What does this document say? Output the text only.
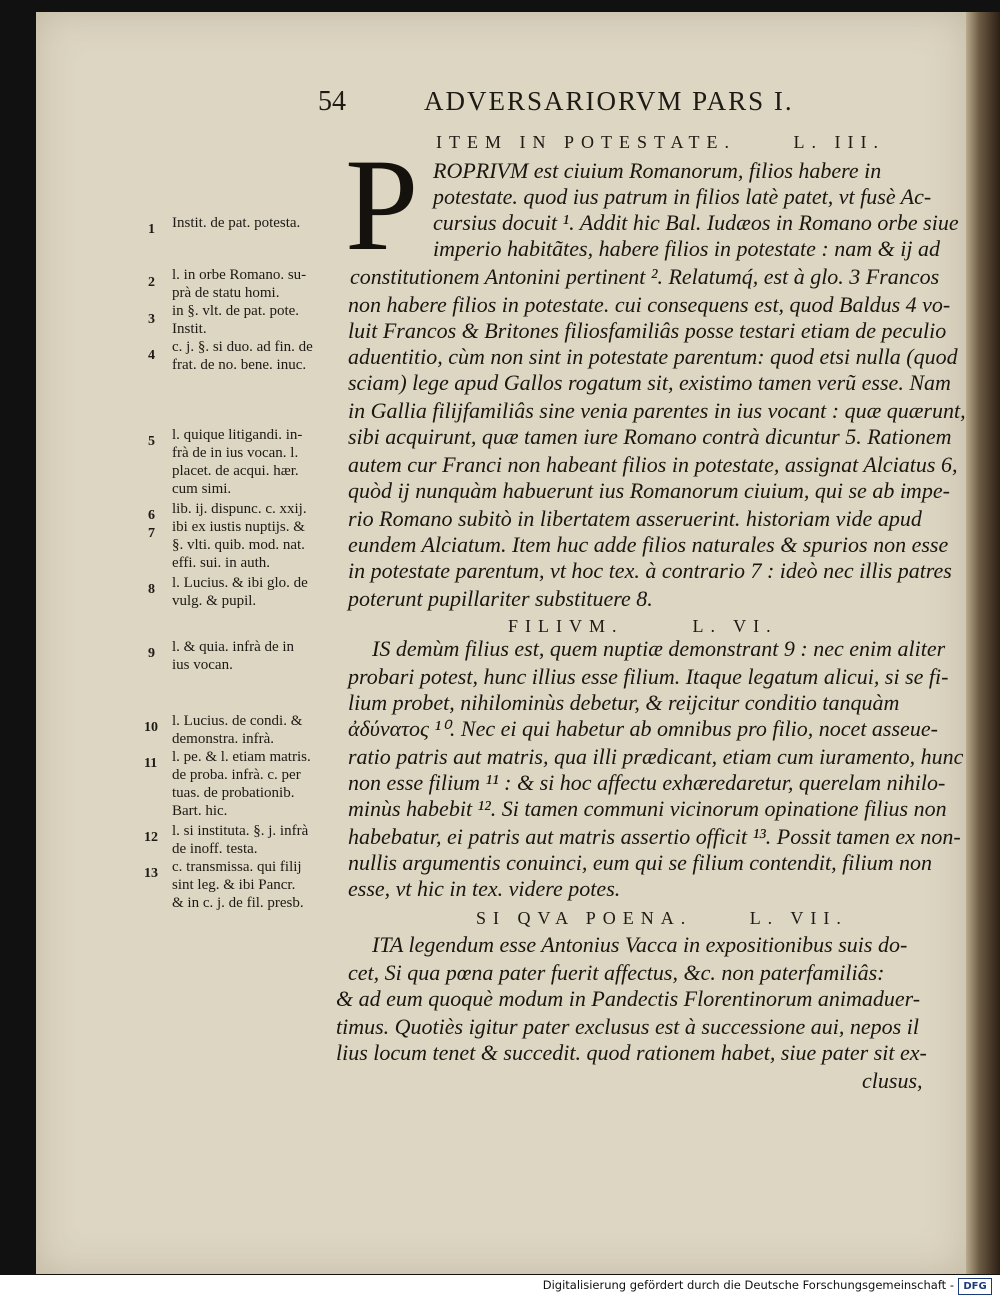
54	ADVERSARIORVM PARS I.
ITEM IN POTESTATE.     L. III.
P ROPRIVM est ciuium Romanorum, filios habere in
potestate. quod ius patrum in filios latè patet, vt fusè Ac-
cursius docuit ¹. Addit hic Bal. Iudæos in Romano orbe siue
imperio habitãtes, habere filios in potestate : nam & ij ad
constitutionem Antonini pertinent ². Relatumq́, est à glo. 3 Francos
non habere filios in potestate. cui consequens est, quod Baldus 4 vo-
luit Francos & Britones filiosfamiliâs posse testari etiam de peculio
aduentitio, cùm non sint in potestate parentum: quod etsi nulla (quod
sciam) lege apud Gallos rogatum sit, existimo tamen verũ esse. Nam
in Gallia filijfamiliâs sine venia parentes in ius vocant : quæ quærunt,
sibi acquirunt, quæ tamen iure Romano contrà dicuntur 5. Rationem
autem cur Franci non habeant filios in potestate, assignat Alciatus 6,
quòd ij nunquàm habuerunt ius Romanorum ciuium, qui se ab impe-
rio Romano subitò in libertatem asseruerint. historiam vide apud
eundem Alciatum. Item huc adde filios naturales & spurios non esse
in potestate parentum, vt hoc tex. à contrario 7 : ideò nec illis patres
poterunt pupillariter substituere 8.
FILIVM.      L. VI.
IS demùm filius est, quem nuptiæ demonstrant 9 : nec enim aliter
probari potest, hunc illius esse filium. Itaque legatum alicui, si se fi-
lium probet, nihilominùs debetur, & reijcitur conditio tanquàm
ἀδύνατος ¹⁰. Nec ei qui habetur ab omnibus pro filio, nocet asseue-
ratio patris aut matris, qua illi prædicant, etiam cum iuramento, hunc
non esse filium ¹¹ : & si hoc affectu exhæredaretur, querelam nihilo-
minùs habebit ¹². Si tamen communi vicinorum opinatione filius non
habebatur, ei patris aut matris assertio officit ¹³. Possit tamen ex non-
nullis argumentis conuinci, eum qui se filium contendit, filium non
esse, vt hic in tex. videre potes.
SI QVA POENA.     L. VII.
ITA legendum esse Antonius Vacca in expositionibus suis do-
cet, Si qua pœna pater fuerit affectus, &c. non paterfamiliâs:
& ad eum quoquè modum in Pandectis Florentinorum animaduer-
timus. Quotiès igitur pater exclusus est à successione aui, nepos il
lius locum tenet & succedit. quod rationem habet, siue pater sit ex-
clusus,
1 Instit. de pat. potesta.
2 l. in orbe Romano. su-
prà de statu homi.
3
in §. vlt. de pat. pote.
Instit.
4
c. j. §. si duo. ad fin. de
frat. de no. bene. inuc.
5 l. quique litigandi. in-
frà de in ius vocan. l.
placet. de acqui. hær.
cum simi.
6 lib. ij. dispunc. c. xxij.
7 ibi ex iustis nuptijs. &
§. vlti. quib. mod. nat.
effi. sui. in auth.
8 l. Lucius. & ibi glo. de
vulg. & pupil.
9 l. & quia. infrà de in
ius vocan.
10 l. Lucius. de condi. &
demonstra. infrà.
11 l. pe. & l. etiam matris.
de proba. infrà. c. per
tuas. de probationib.
Bart. hic.
12 l. si instituta. §. j. infrà
de inoff. testa.
13 c. transmissa. qui filij
sint leg. & ibi Pancr.
& in c. j. de fil. presb.
Digitalisierung gefördert durch die Deutsche Forschungsgemeinschaft - DFG
